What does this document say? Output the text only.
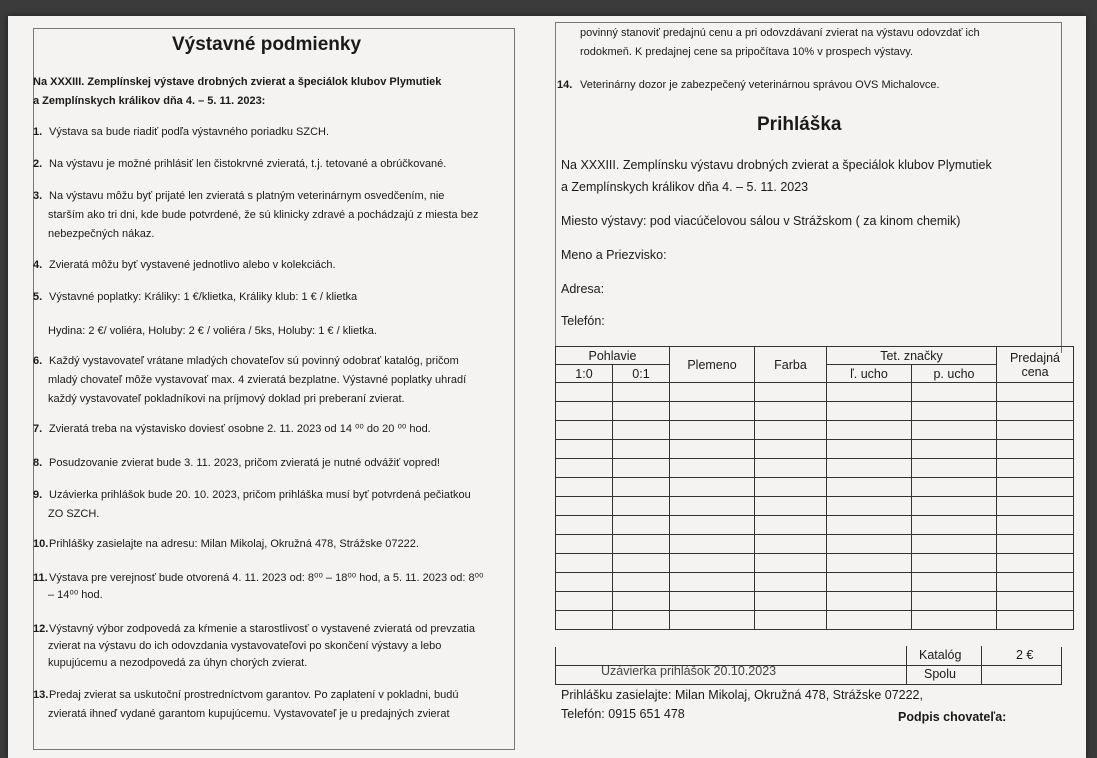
Výstavné podmienky
Na XXXIII. Zemplínskej výstave drobných zvierat a špeciálok klubov Plymutiek
a Zemplínskych králikov dňa 4. – 5. 11. 2023:
1. Výstava sa bude riadiť podľa výstavného poriadku SZCH.
2. Na výstavu je možné prihlásiť len čistokrvné zvieratá, t.j. tetované a obrúčkované.
3. Na výstavu môžu byť prijaté len zvieratá s platným veterinárnym osvedčením, nie
starším ako tri dni, kde bude potvrdené, že sú klinicky zdravé a pochádzajú z miesta bez
nebezpečných nákaz.
4. Zvieratá môžu byť vystavené jednotlivo alebo v kolekciách.
5. Výstavné poplatky: Králiky: 1 €/klietka, Králiky klub: 1 € / klietka
Hydina: 2 €/ voliéra, Holuby: 2 € / voliéra / 5ks, Holuby: 1 € / klietka.
6. Každý vystavovateľ vrátane mladých chovateľov sú povinný odobrať katalóg, pričom
mladý chovateľ môže vystavovať max. 4 zvieratá bezplatne. Výstavné poplatky uhradí
každý vystavovateľ pokladníkovi na príjmový doklad pri preberaní zvierat.
7. Zvieratá treba na výstavisko doviesť osobne 2. 11. 2023 od 14 ⁰⁰ do 20 ⁰⁰ hod.
8. Posudzovanie zvierat bude 3. 11. 2023, pričom zvieratá je nutné odvážiť vopred!
9. Uzávierka prihlášok bude 20. 10. 2023, pričom prihláška musí byť potvrdená pečiatkou
ZO SZCH.
10.Prihlášky zasielajte na adresu: Milan Mikolaj, Okružná 478, Strážske 07222.
11.Výstava pre verejnosť bude otvorená 4. 11. 2023 od: 8⁰⁰ – 18⁰⁰ hod, a 5. 11. 2023 od: 8⁰⁰
– 14⁰⁰ hod.
12.Výstavný výbor zodpovedá za kŕmenie a starostlivosť o vystavené zvieratá od prevzatia
zvierat na výstavu do ich odovzdania vystavovateľovi po skončení výstavy a lebo
kupujúcemu a nezodpovedá za úhyn chorých zvierat.
13.Predaj zvierat sa uskutoční prostredníctvom garantov. Po zaplatení v pokladni, budú
zvieratá ihneď vydané garantom kupujúcemu. Vystavovateľ je u predajných zvierat
povinný stanoviť predajnú cenu a pri odovzdávaní zvierat na výstavu odovzdať ich
rodokmeň. K predajnej cene sa pripočítava 10% v prospech výstavy.
14. Veterinárny dozor je zabezpečený veterinárnou správou OVS Michalovce.
Prihláška
Na XXXIII. Zemplínsku výstavu drobných zvierat a špeciálok klubov Plymutiek
a Zemplínskych králikov dňa 4. – 5. 11. 2023
Miesto výstavy: pod viacúčelovou sálou v Strážskom ( za kinom chemik)
Meno a Priezvisko:
Adresa:
Telefón:
Pohlavie		Plemeno	Farba	Tet. značky		Predajná
cena
1:0	0:1			ľ. ucho	p. ucho	

Katalóg	2 €
Uzávierka prihlášok 20.10.2023	Spolu
Prihlášku zasielajte: Milan Mikolaj, Okružná 478, Strážske 07222,
Telefón: 0915 651 478	Podpis chovateľa:
